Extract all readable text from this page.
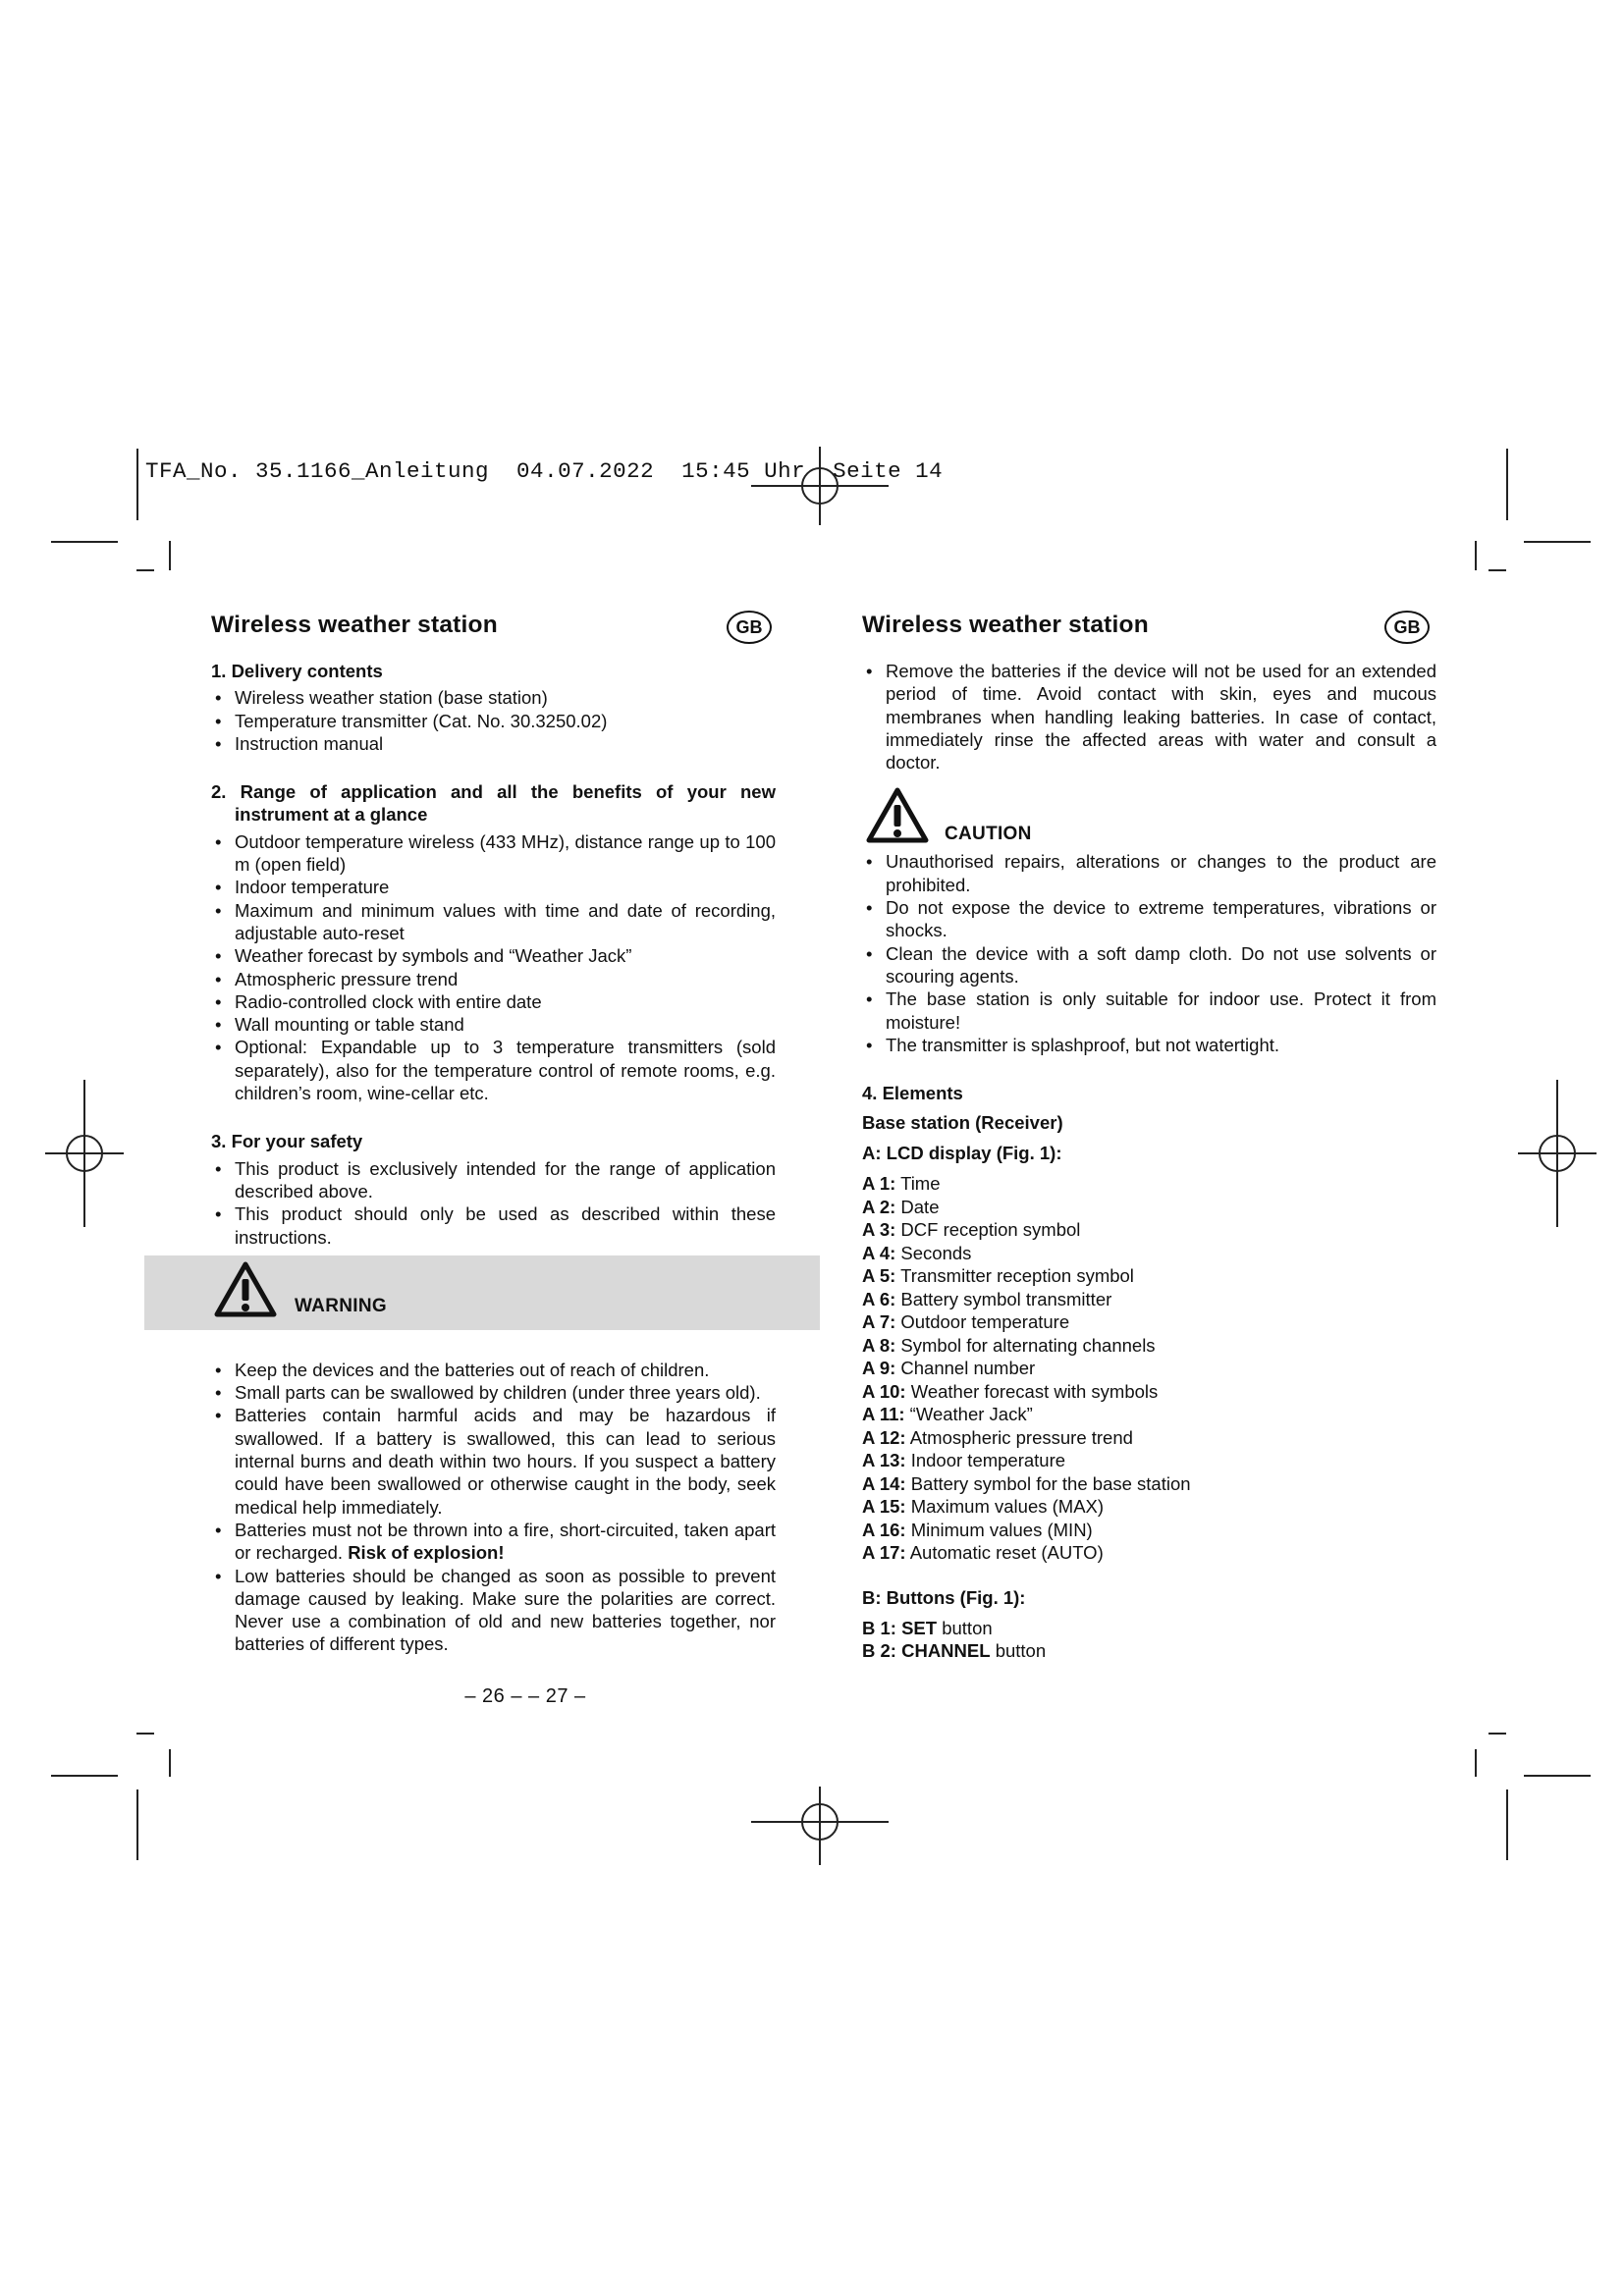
TFA_No. 35.1166_Anleitung  04.07.2022  15:45 Uhr  Seite 14
WARNING
Wireless weather station
1. Delivery contents
• Wireless weather station (base station)
• Temperature transmitter (Cat. No. 30.3250.02)
• Instruction manual
2. Range of application and all the benefits of your new instrument at a glance
• Outdoor temperature wireless (433 MHz), distance range up to 100 m (open field)
• Indoor temperature
• Maximum and minimum values with time and date of recording, adjustable auto-reset
• Weather forecast by symbols and “Weather Jack”
• Atmospheric pressure trend
• Radio-controlled clock with entire date
• Wall mounting or table stand
• Optional: Expandable up to 3 temperature transmitters (sold separately), also for the temperature control of remote rooms, e.g. children’s room, wine-cellar etc.
3. For your safety
• This product is exclusively intended for the range of application described above.
• This product should only be used as described within these instructions.
• Keep the devices and the batteries out of reach of children.
• Small parts can be swallowed by children (under three years old).
• Batteries contain harmful acids and may be hazardous if swallowed. If a battery is swallowed, this can lead to serious internal burns and death within two hours. If you suspect a battery could have been swallowed or otherwise caught in the body, seek medical help immediately.
• Batteries must not be thrown into a fire, short-circuited, taken apart or recharged. Risk of explosion!
• Low batteries should be changed as soon as possible to prevent damage caused by leaking. Make sure the polarities are correct. Never use a combination of old and new batteries together, nor batteries of different types.
GB	Wireless weather station
• Remove the batteries if the device will not be used for an extended period of time. Avoid contact with skin, eyes and mucous membranes when handling leaking batteries. In case of contact, immediately rinse the affected areas with water and consult a doctor.
CAUTION
• Unauthorised repairs, alterations or changes to the product are prohibited.
• Do not expose the device to extreme temperatures, vibrations or shocks.
• Clean the device with a soft damp cloth. Do not use solvents or scouring agents.
• The base station is only suitable for indoor use. Protect it from moisture!
• The transmitter is splashproof, but not watertight.
4. Elements
Base station (Receiver)
A: LCD display (Fig. 1):
A 1: Time
A 2: Date
A 3: DCF reception symbol
A 4: Seconds
A 5: Transmitter reception symbol
A 6: Battery symbol transmitter
A 7: Outdoor temperature
A 8: Symbol for alternating channels
A 9: Channel number
A 10: Weather forecast with symbols
A 11: “Weather Jack”
A 12: Atmospheric pressure trend
A 13: Indoor temperature
A 14: Battery symbol for the base station
A 15: Maximum values (MAX)
A 16: Minimum values (MIN)
A 17: Automatic reset (AUTO)
B: Buttons (Fig. 1):
B 1: SET button
B 2: CHANNEL button
GB
– 26 – – 27 –
